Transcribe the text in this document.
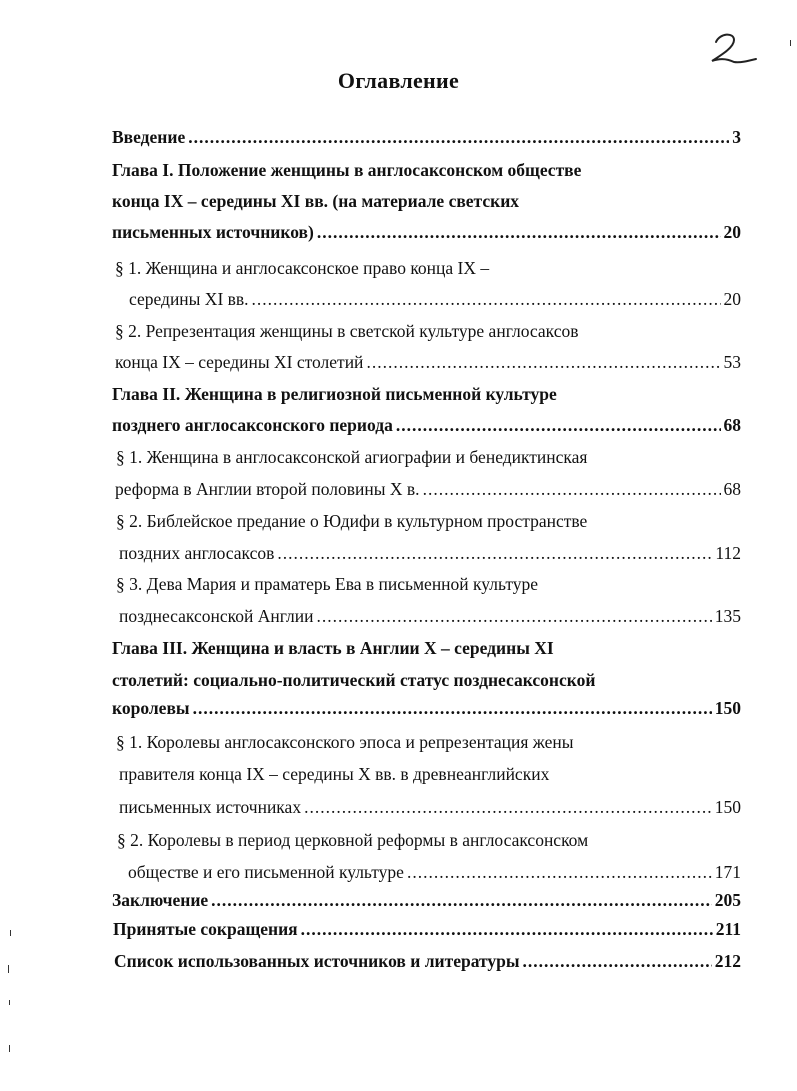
Оглавление
Введение .....	3
Глава I. Положение женщины в англосаксонском обществе
конца IX – середины XI вв. (на материале светских
письменных источников) .....	20
§ 1. Женщина и англосаксонское право конца IX –
середины XI вв. .....	20
§ 2. Репрезентация женщины в светской культуре англосаксов
конца IX – середины XI столетий .....	53
Глава II. Женщина в религиозной письменной культуре
позднего англосаксонского периода .....	68
§ 1. Женщина в англосаксонской агиографии и бенедиктинская
реформа в Англии второй половины X в. .....	68
§ 2. Библейское предание о Юдифи в культурном пространстве
поздних англосаксов .....	112
§ 3. Дева Мария и праматерь Ева в письменной культуре
позднесаксонской Англии .....	135
Глава III. Женщина и власть в Англии X – середины XI
столетий: социально-политический статус позднесаксонской
королевы .....	150
§ 1. Королевы англосаксонского эпоса и репрезентация жены
правителя конца IX – середины X вв. в древнеанглийских
письменных источниках .....	150
§ 2. Королевы в период церковной реформы в англосаксонском
обществе и его письменной культуре .....	171
Заключение .....	205
Принятые сокращения .....	211
Список использованных источников и литературы .....	212
